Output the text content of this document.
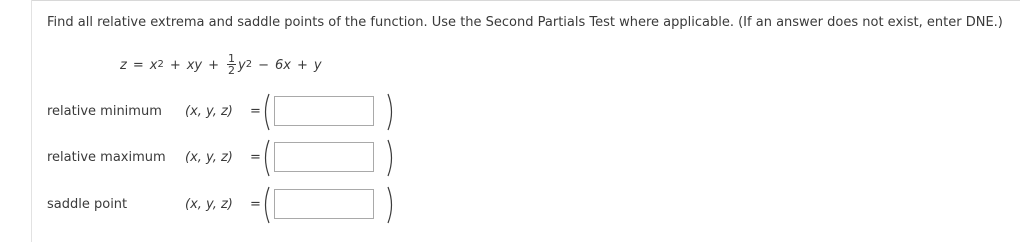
Find all relative extrema and saddle points of the function. Use the Second Partials Test where applicable. (If an answer does not exist, enter DNE.)
z = x 2 + xy + $\frac{1}{2}$ y 2 − 6x + y
relative minimum (x, y, z) =
relative maximum (x, y, z) =
saddle point	(x, y, z) =
